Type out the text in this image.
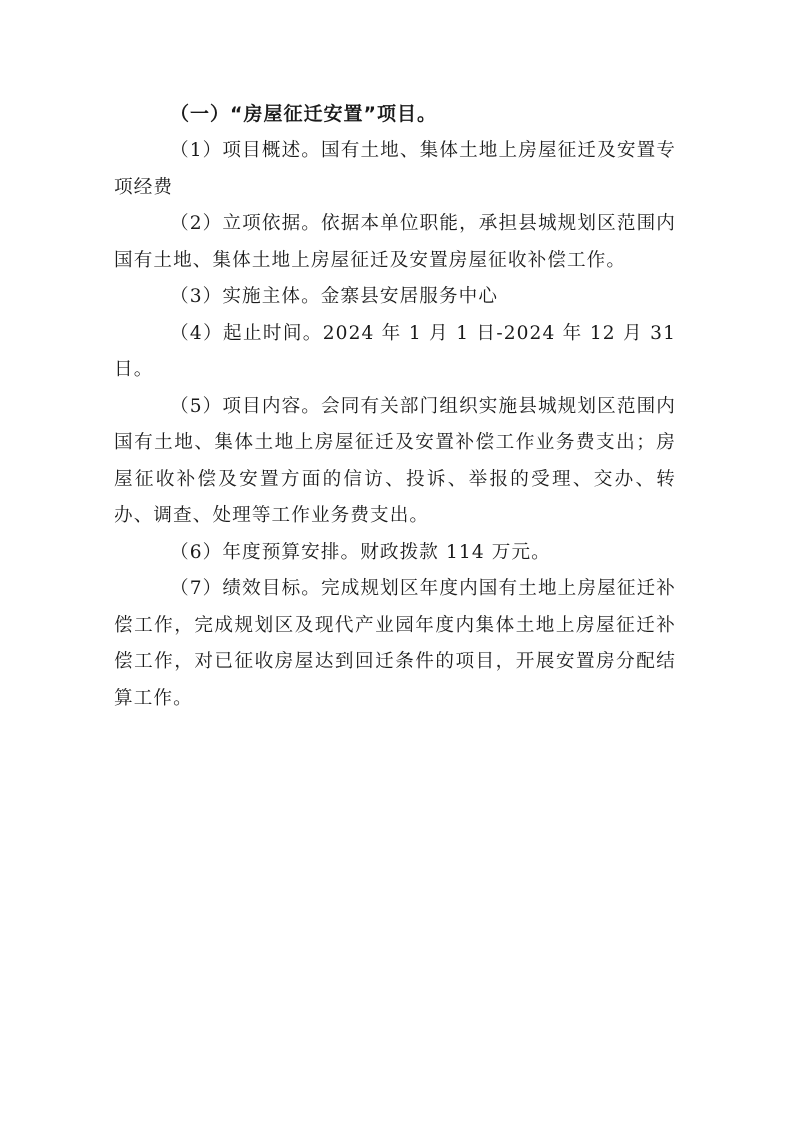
（一）“房屋征迁安置”项目。

（1）项目概述。国有土地、集体土地上房屋征迁及安置专项经费

（2）立项依据。依据本单位职能，承担县城规划区范围内国有土地、集体土地上房屋征迁及安置房屋征收补偿工作。

（3）实施主体。金寨县安居服务中心

（4）起止时间。2024 年 1 月 1 日-2024 年 12 月 31 日。

（5）项目内容。会同有关部门组织实施县城规划区范围内国有土地、集体土地上房屋征迁及安置补偿工作业务费支出；房屋征收补偿及安置方面的信访、投诉、举报的受理、交办、转办、调查、处理等工作业务费支出。

（6）年度预算安排。财政拨款 114 万元。

（7）绩效目标。完成规划区年度内国有土地上房屋征迁补偿工作，完成规划区及现代产业园年度内集体土地上房屋征迁补偿工作，对已征收房屋达到回迁条件的项目，开展安置房分配结算工作。
